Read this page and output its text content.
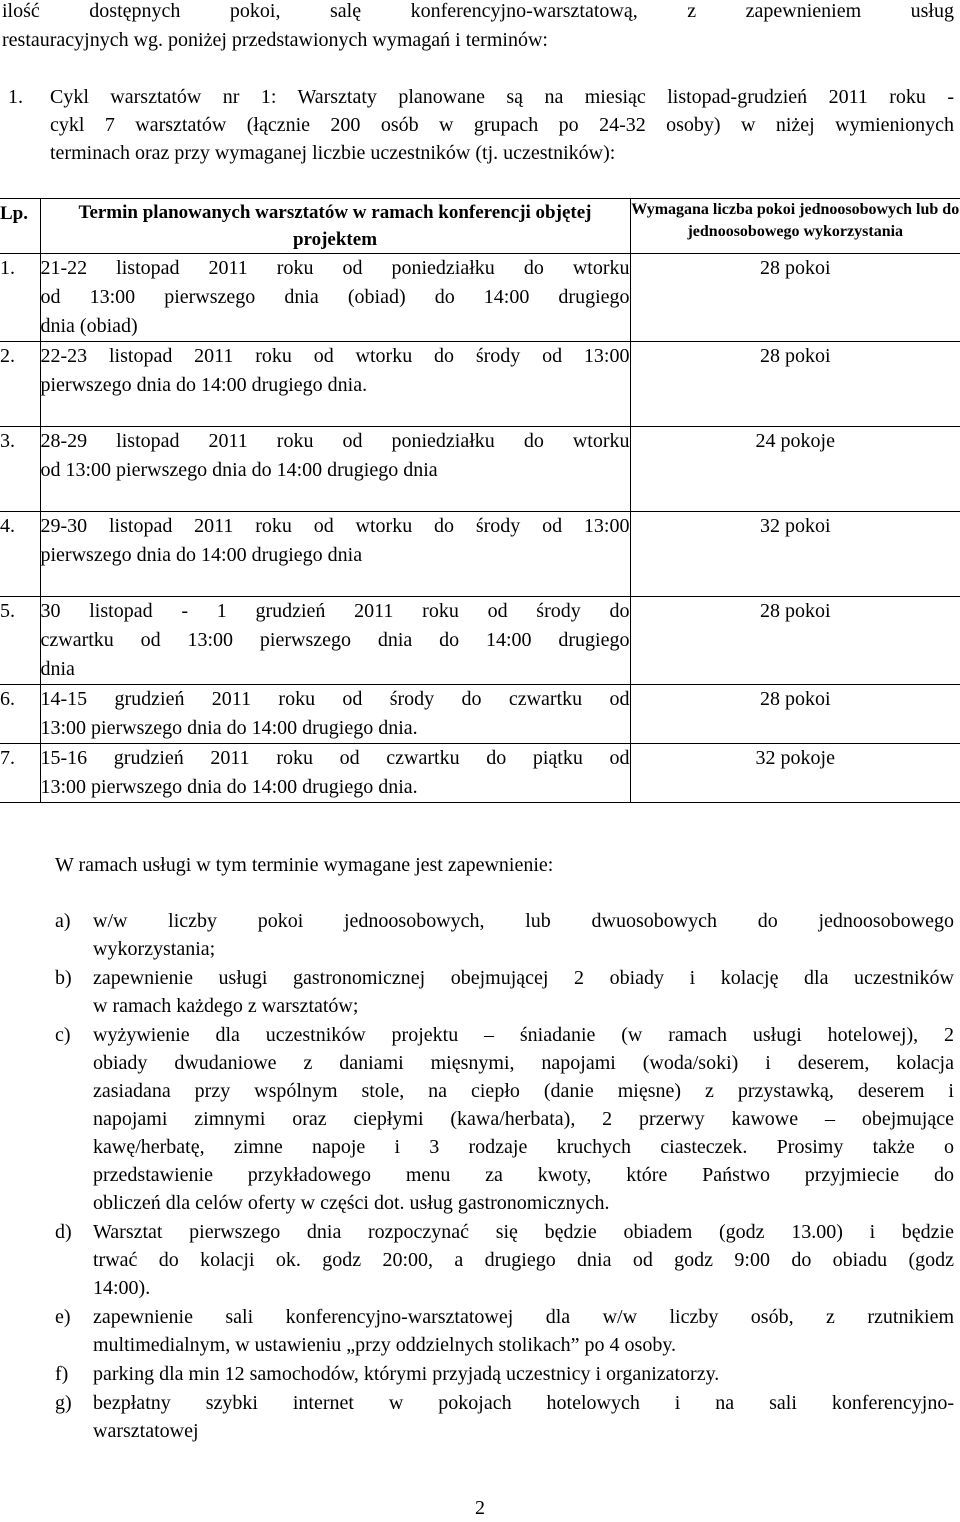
ilość dostępnych pokoi, salę konferencyjno-warsztatową, z zapewnieniem usług

restauracyjnych wg. poniżej przedstawionych wymagań i terminów:

1.	Cykl warsztatów nr 1: Warsztaty planowane są na miesiąc listopad-grudzień 2011 roku -
cykl 7 warsztatów (łącznie 200 osób w grupach po 24-32 osoby) w niżej wymienionych
terminach oraz przy wymaganej liczbie uczestników (tj. uczestników):
Lp.	Termin planowanych warsztatów w ramach konferencji objętej projektem	Wymagana liczba pokoi jednoosobowych lub do jednoosobowego wykorzystania
1.	21-22 listopad 2011 roku od poniedziałku do wtorku
od 13:00 pierwszego dnia (obiad) do 14:00 drugiego
dnia (obiad)	28 pokoi
2.	22-23 listopad 2011 roku od wtorku do środy od 13:00
pierwszego dnia do 14:00 drugiego dnia.	28 pokoi
3.	28-29 listopad 2011 roku od poniedziałku do wtorku
od 13:00 pierwszego dnia do 14:00 drugiego dnia	24 pokoje
4.	29-30 listopad 2011 roku od wtorku do środy od 13:00
pierwszego dnia do 14:00 drugiego dnia	32 pokoi
5.	30 listopad - 1 grudzień 2011 roku od środy do
czwartku od 13:00 pierwszego dnia do 14:00 drugiego
dnia	28 pokoi
6.	14-15 grudzień 2011 roku od środy do czwartku od
13:00 pierwszego dnia do 14:00 drugiego dnia.	28 pokoi
7.	15-16 grudzień 2011 roku od czwartku do piątku od
13:00 pierwszego dnia do 14:00 drugiego dnia.	32 pokoje

W ramach usługi w tym terminie wymagane jest zapewnienie:

a)	w/w liczby pokoi jednoosobowych, lub dwuosobowych do jednoosobowego
wykorzystania;
b)	zapewnienie usługi gastronomicznej obejmującej 2 obiady i kolację dla uczestników
w ramach każdego z warsztatów;
c)	wyżywienie dla uczestników projektu – śniadanie (w ramach usługi hotelowej), 2
obiady dwudaniowe z daniami mięsnymi, napojami (woda/soki) i deserem, kolacja
zasiadana przy wspólnym stole, na ciepło (danie mięsne) z przystawką, deserem i
napojami zimnymi oraz ciepłymi (kawa/herbata), 2 przerwy kawowe – obejmujące
kawę/herbatę, zimne napoje i 3 rodzaje kruchych ciasteczek. Prosimy także o
przedstawienie przykładowego menu za kwoty, które Państwo przyjmiecie do
obliczeń dla celów oferty w części dot. usług gastronomicznych.
d)	Warsztat pierwszego dnia rozpoczynać się będzie obiadem (godz 13.00) i będzie
trwać do kolacji ok. godz 20:00, a drugiego dnia od godz 9:00 do obiadu (godz
14:00).
e)	zapewnienie sali konferencyjno-warsztatowej dla w/w liczby osób, z rzutnikiem
multimedialnym, w ustawieniu „przy oddzielnych stolikach” po 4 osoby.
f)	parking dla min 12 samochodów, którymi przyjadą uczestnicy i organizatorzy.
g)	bezpłatny szybki internet w pokojach hotelowych i na sali konferencyjno-
warsztatowej

2
